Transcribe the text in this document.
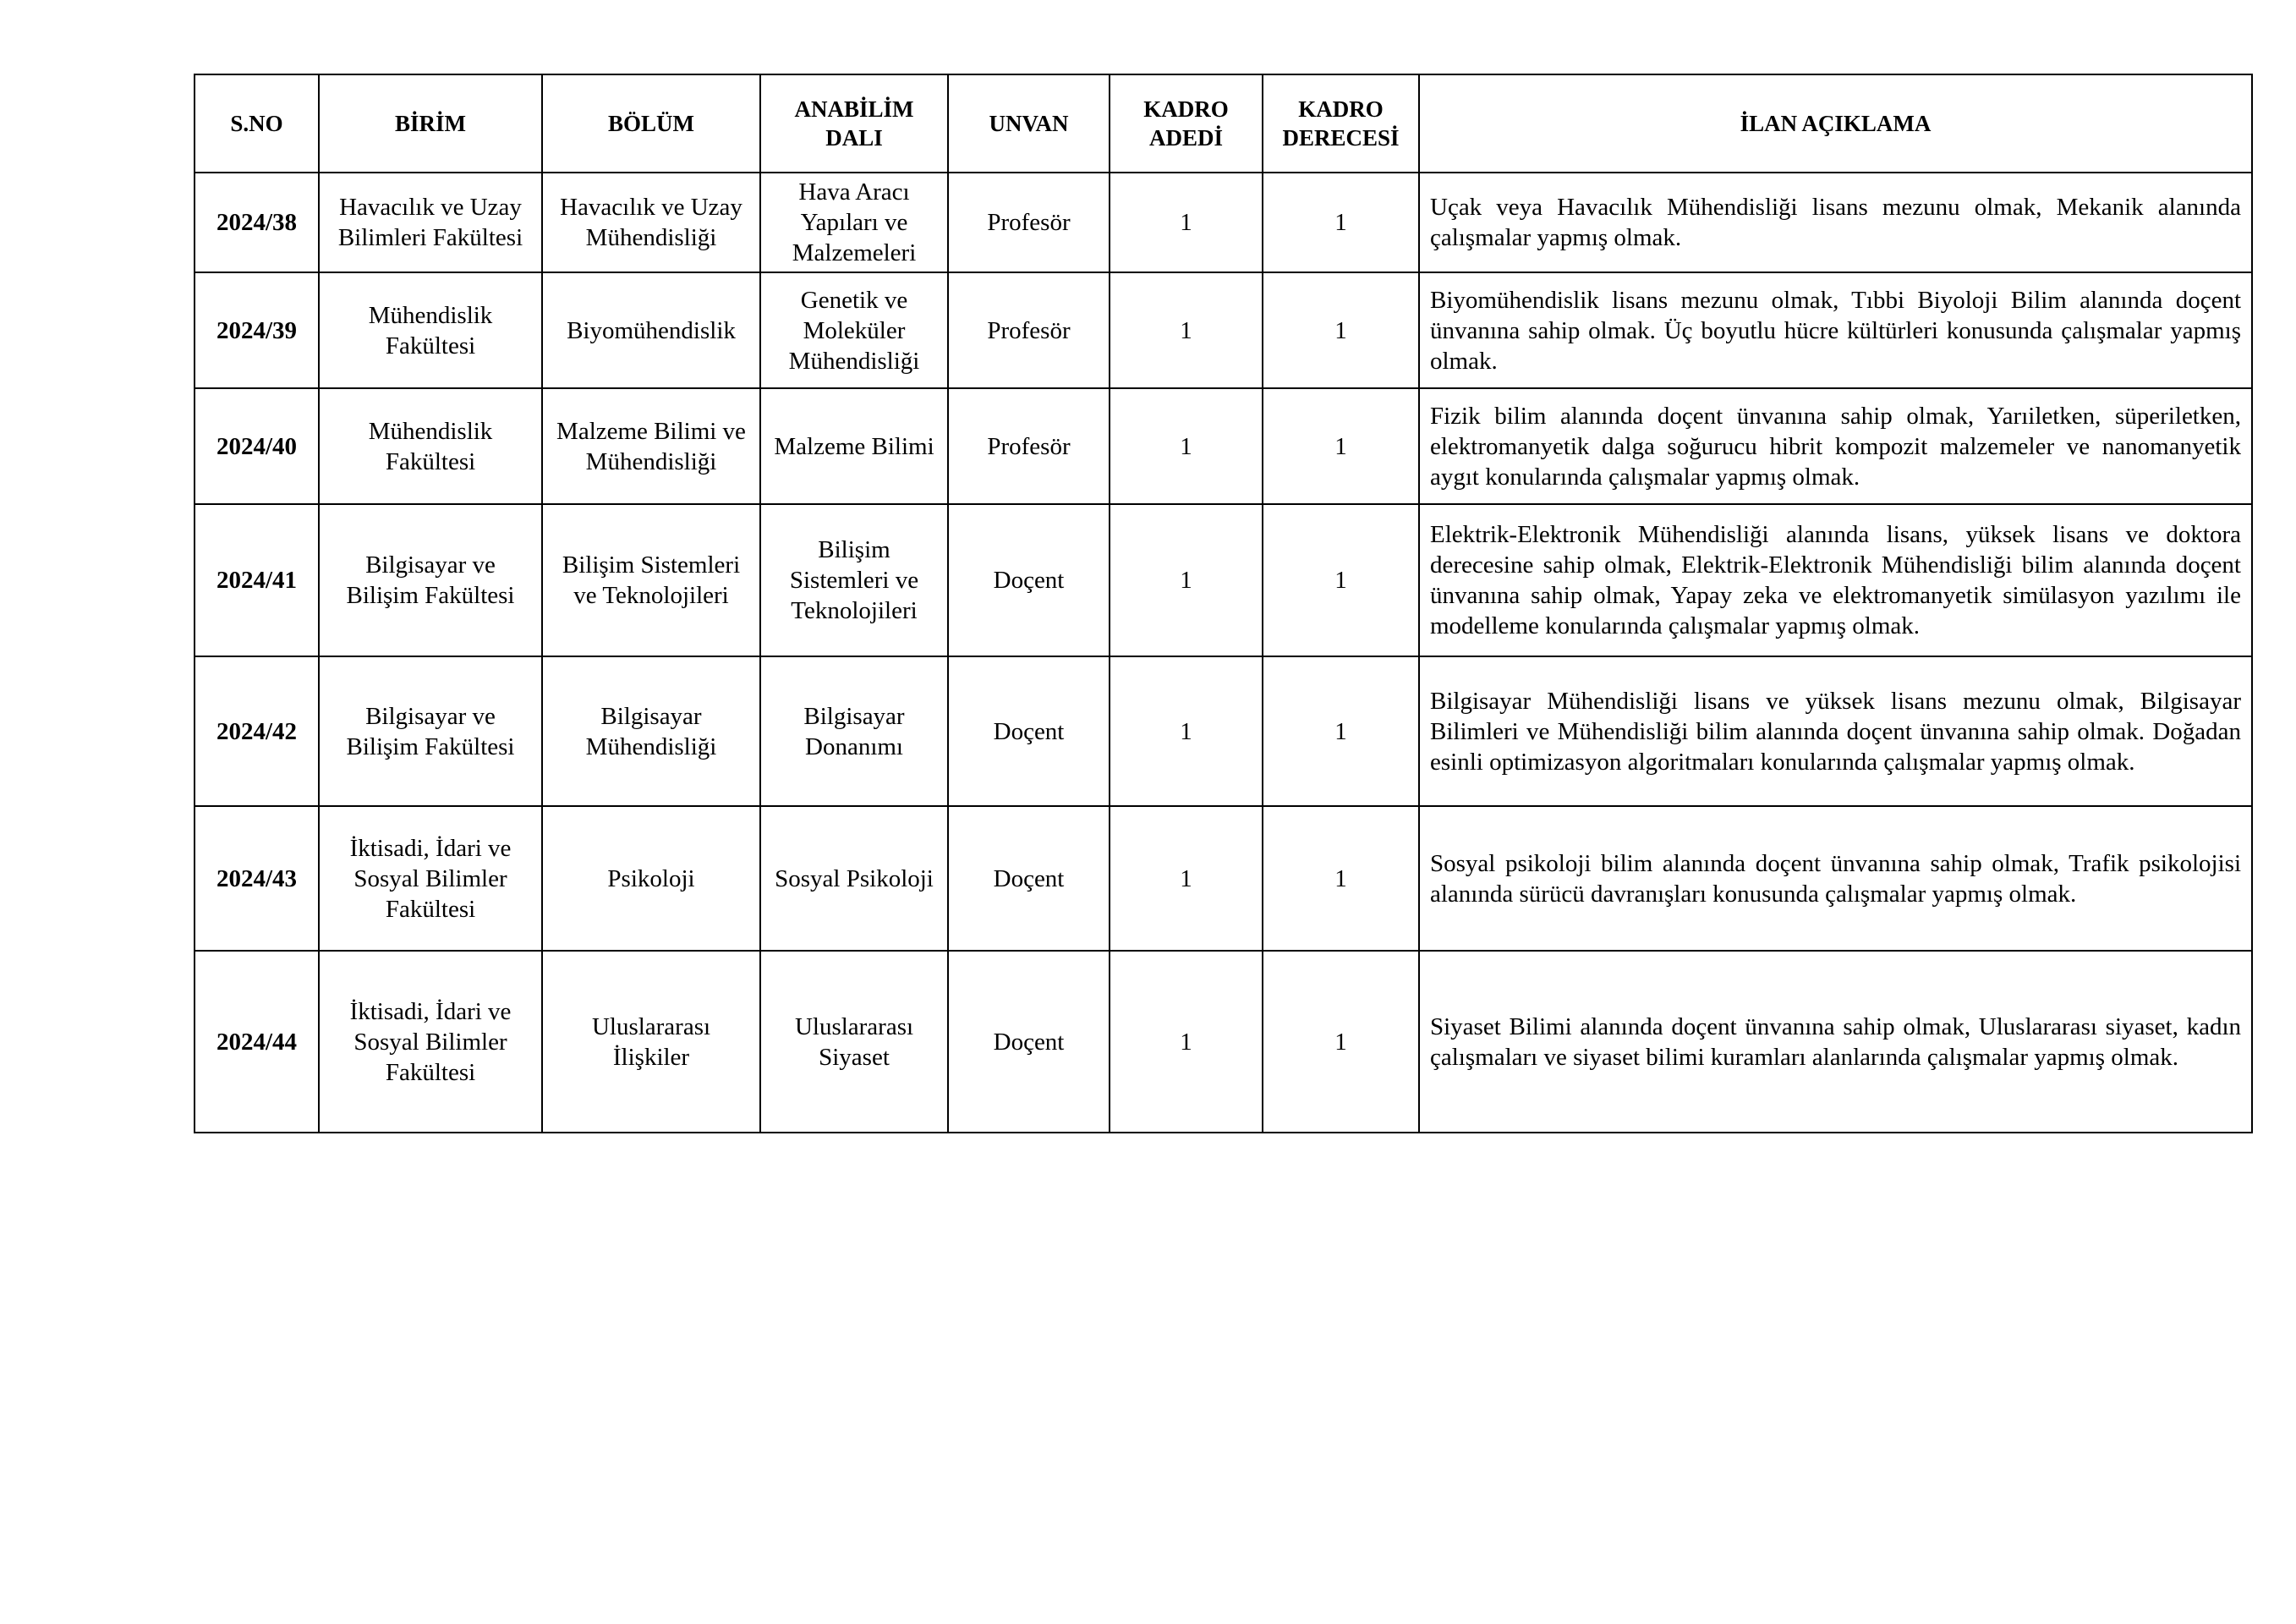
S.NO	BİRİM	BÖLÜM	ANABİLİM DALI	UNVAN	KADRO ADEDİ	KADRO DERECESİ	İLAN AÇIKLAMA
2024/38	Havacılık ve Uzay Bilimleri Fakültesi	Havacılık ve Uzay Mühendisliği	Hava Aracı Yapıları ve Malzemeleri	Profesör	1	1	Uçak veya Havacılık Mühendisliği lisans mezunu olmak, Mekanik alanında çalışmalar yapmış olmak.
2024/39	Mühendislik Fakültesi	Biyomühendislik	Genetik ve Moleküler Mühendisliği	Profesör	1	1	Biyomühendislik lisans mezunu olmak, Tıbbi Biyoloji Bilim alanında doçent ünvanına sahip olmak. Üç boyutlu hücre kültürleri konusunda çalışmalar yapmış olmak.
2024/40	Mühendislik Fakültesi	Malzeme Bilimi ve Mühendisliği	Malzeme Bilimi	Profesör	1	1	Fizik bilim alanında doçent ünvanına sahip olmak, Yarıiletken, süperiletken, elektromanyetik dalga soğurucu hibrit kompozit malzemeler ve nanomanyetik aygıt konularında çalışmalar yapmış olmak.
2024/41	Bilgisayar ve Bilişim Fakültesi	Bilişim Sistemleri ve Teknolojileri	Bilişim Sistemleri ve Teknolojileri	Doçent	1	1	Elektrik-Elektronik Mühendisliği alanında lisans, yüksek lisans ve doktora derecesine sahip olmak, Elektrik-Elektronik Mühendisliği bilim alanında doçent ünvanına sahip olmak, Yapay zeka ve elektromanyetik simülasyon yazılımı ile modelleme konularında çalışmalar yapmış olmak.
2024/42	Bilgisayar ve Bilişim Fakültesi	Bilgisayar Mühendisliği	Bilgisayar Donanımı	Doçent	1	1	Bilgisayar Mühendisliği lisans ve yüksek lisans mezunu olmak, Bilgisayar Bilimleri ve Mühendisliği bilim alanında doçent ünvanına sahip olmak. Doğadan esinli optimizasyon algoritmaları konularında çalışmalar yapmış olmak.
2024/43	İktisadi, İdari ve Sosyal Bilimler Fakültesi	Psikoloji	Sosyal Psikoloji	Doçent	1	1	Sosyal psikoloji bilim alanında doçent ünvanına sahip olmak, Trafik psikolojisi alanında sürücü davranışları konusunda çalışmalar yapmış olmak.
2024/44	İktisadi, İdari ve Sosyal Bilimler Fakültesi	Uluslararası İlişkiler	Uluslararası Siyaset	Doçent	1	1	Siyaset Bilimi alanında doçent ünvanına sahip olmak, Uluslararası siyaset, kadın çalışmaları ve siyaset bilimi kuramları alanlarında çalışmalar yapmış olmak.
